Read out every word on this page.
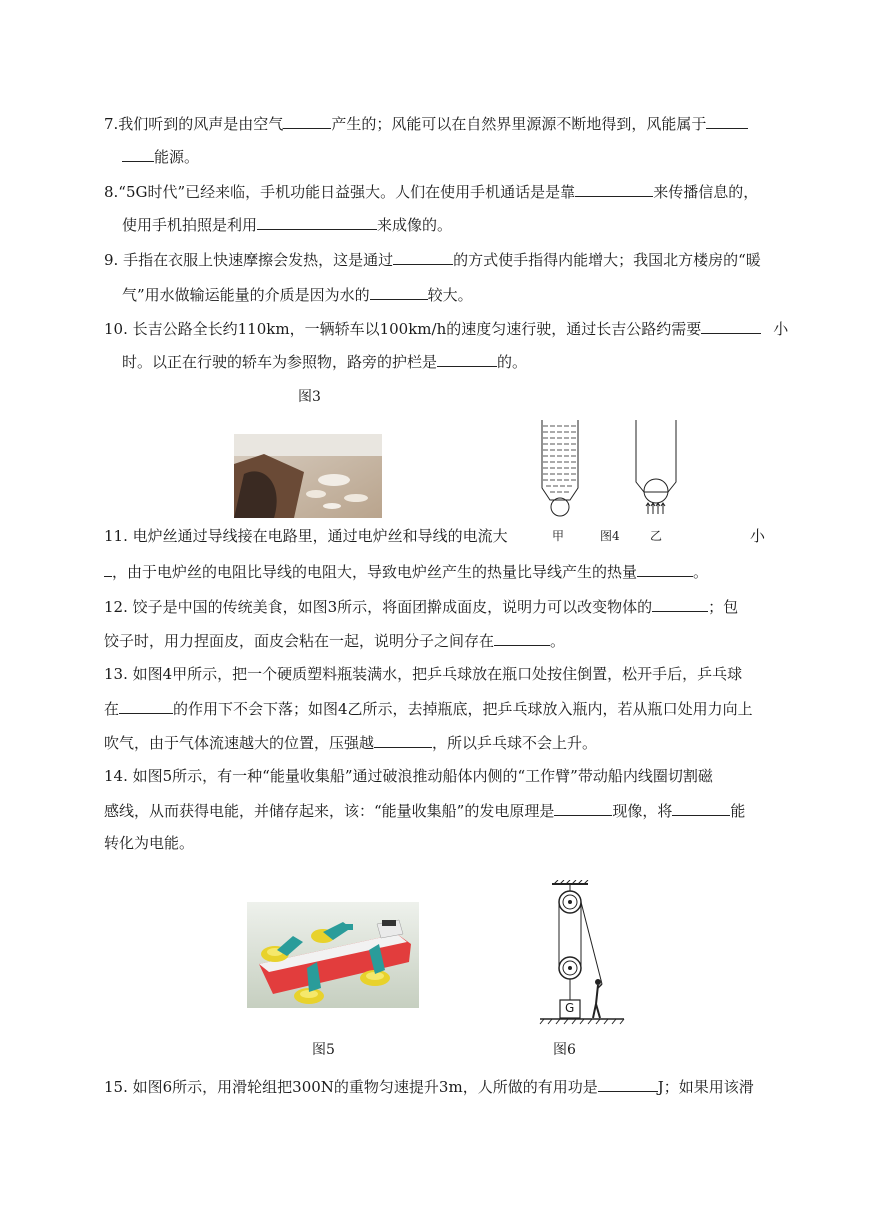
7.我们听到的风声是由空气	产生的；风能可以在自然界里源源不断地得到，风能属于
能源。
8.“5G时代”已经来临，手机功能日益强大。人们在使用手机通话是是靠	来传播信息的，
使用手机拍照是利用	来成像的。
9. 手指在衣服上快速摩擦会发热，这是通过	的方式使手指得内能增大；我国北方楼房的“暖
气”用水做输运能量的介质是因为水的	较大。
10. 长吉公路全长约110km，一辆轿车以100km/h的速度匀速行驶，通过长吉公路约需要	小
时。以正在行驶的轿车为参照物，路旁的护栏是	的。
图3
甲	图4	乙
11. 电炉丝通过导线接在电路里，通过电炉丝和导线的电流大	小
，由于电炉丝的电阻比导线的电阻大，导致电炉丝产生的热量比导线产生的热量	。
12. 饺子是中国的传统美食，如图3所示，将面团擀成面皮，说明力可以改变物体的	；包
饺子时，用力捏面皮，面皮会粘在一起，说明分子之间存在	。
13. 如图4甲所示，把一个硬质塑料瓶装满水，把乒乓球放在瓶口处按住倒置，松开手后，乒乓球
在	的作用下不会下落；如图4乙所示，去掉瓶底，把乒乓球放入瓶内，若从瓶口处用力向上
吹气，由于气体流速越大的位置，压强越	，所以乒乓球不会上升。
14. 如图5所示，有一种“能量收集船”通过破浪推动船体内侧的“工作臂”带动船内线圈切割磁
感线，从而获得电能，并储存起来，该：“能量收集船”的发电原理是	现像，将	能
转化为电能。
图5
G
图6
15. 如图6所示，用滑轮组把300N的重物匀速提升3m，人所做的有用功是	J；如果用该滑
